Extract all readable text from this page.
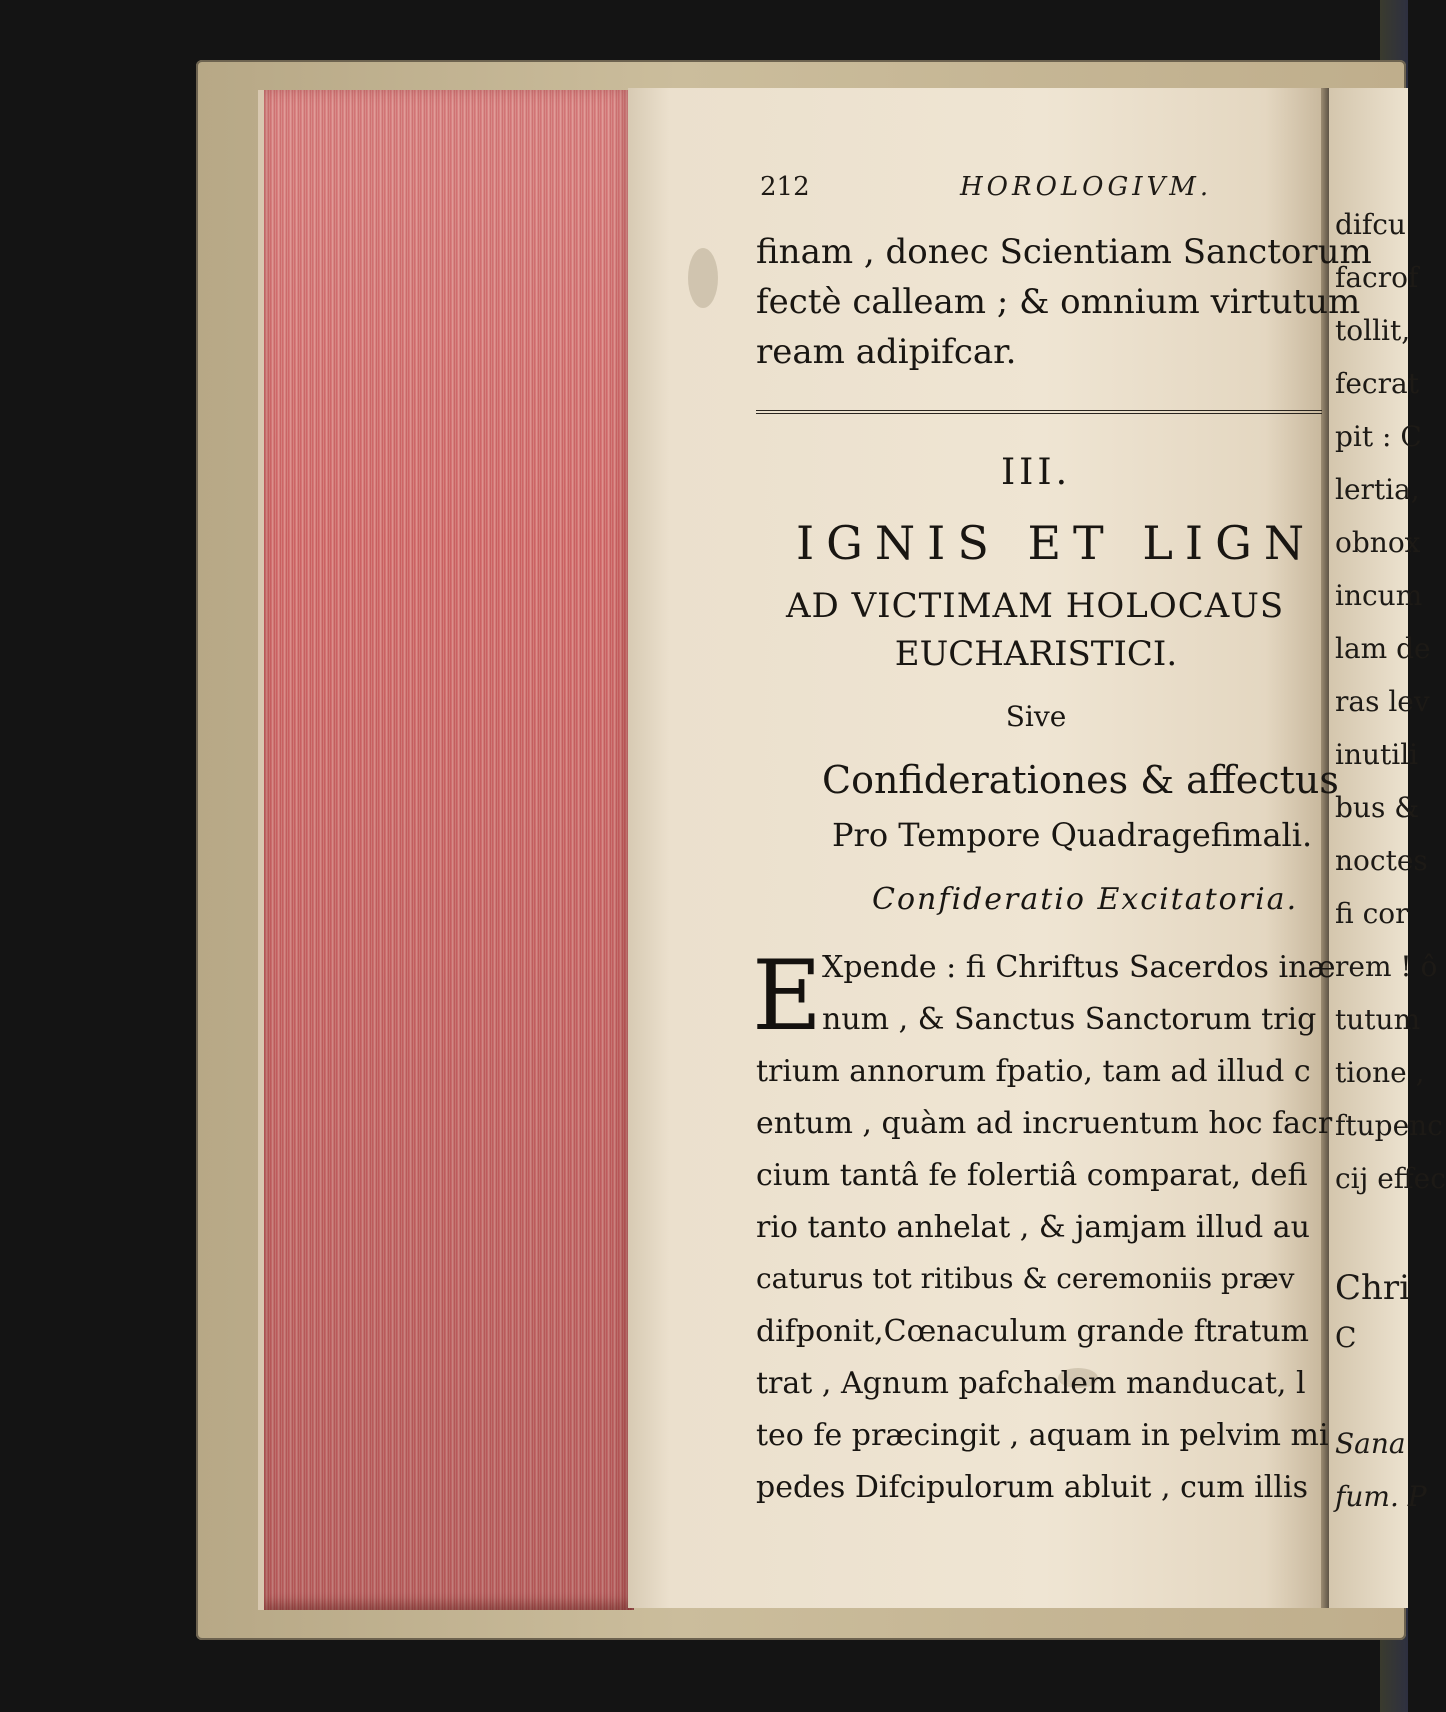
difcu
facrof
tollit,
fecrat
pit : C
lertia,
obnox
incum
lam de
ras lev
inutili
bus &
noctes
fi cor
rem ! ô
tutum
tione ,
ftupenc
cij effec
Chri
C
Sana
fum. P
212	HOROLOGIVM.
finam , donec Scientiam Sanctorum
fectè calleam ; & omnium virtutum
ream adipifcar.
III.
IGNIS ET LIGN
AD VICTIMAM HOLOCAUS
EUCHARISTICI.
Sive
Confiderationes & affectus
Pro Tempore Quadragefimali.
Confideratio Excitatoria.
E Xpende : fi Chriftus Sacerdos inæ
num , & Sanctus Sanctorum trig
trium annorum fpatio, tam ad illud c
entum , quàm ad incruentum hoc facr
cium tantâ fe folertiâ comparat, defi
rio tanto anhelat , & jamjam illud au
caturus tot ritibus & ceremoniis præv
difponit,Cœnaculum grande ftratum
trat , Agnum pafchalem manducat, l
teo fe præcingit , aquam in pelvim mi
pedes Difcipulorum abluit , cum illis
